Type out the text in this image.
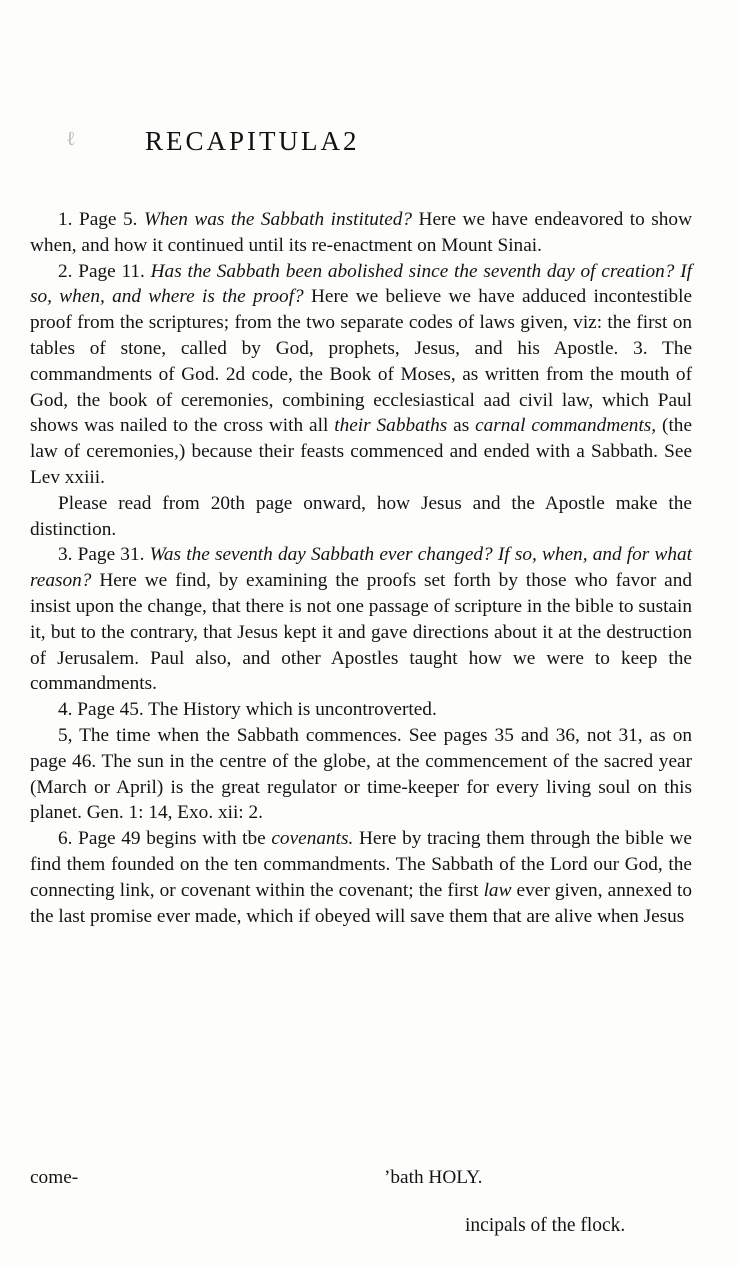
ℓ	RECAPITULA2

1. Page 5. When was the Sabbath instituted? Here we have endeavored to show when, and how it continued until its re-enactment on Mount Sinai.

2. Page 11. Has the Sabbath been abolished since the seventh day of creation? If so, when, and where is the proof? Here we believe we have adduced incontestible proof from the scriptures; from the two separate codes of laws given, viz: the first on tables of stone, called by God, prophets, Jesus, and his Apostle. 3. The commandments of God. 2d code, the Book of Moses, as written from the mouth of God, the book of ceremonies, combining ecclesiastical aad civil law, which Paul shows was nailed to the cross with all their Sabbaths as carnal commandments, (the law of ceremonies,) because their feasts commenced and ended with a Sabbath. See Lev xxiii.

Please read from 20th page onward, how Jesus and the Apostle make the distinction.

3. Page 31. Was the seventh day Sabbath ever changed? If so, when, and for what reason? Here we find, by examining the proofs set forth by those who favor and insist upon the change, that there is not one passage of scripture in the bible to sustain it, but to the contrary, that Jesus kept it and gave directions about it at the destruction of Jerusalem. Paul also, and other Apostles taught how we were to keep the commandments.

4. Page 45. The History which is uncontroverted.

5, The time when the Sabbath commences. See pages 35 and 36, not 31, as on page 46. The sun in the centre of the globe, at the commencement of the sacred year (March or April) is the great regulator or time-keeper for every living soul on this planet. Gen. 1: 14, Exo. xii: 2.

6. Page 49 begins with tbe covenants. Here by tracing them through the bible we find them founded on the ten commandments. The Sabbath of the Lord our God, the connecting link, or covenant within the covenant; the first law ever given, annexed to the last promise ever made, which if obeyed will save them that are alive when Jesus

come‐	ʼbath HOLY.
incipals of the flock.
